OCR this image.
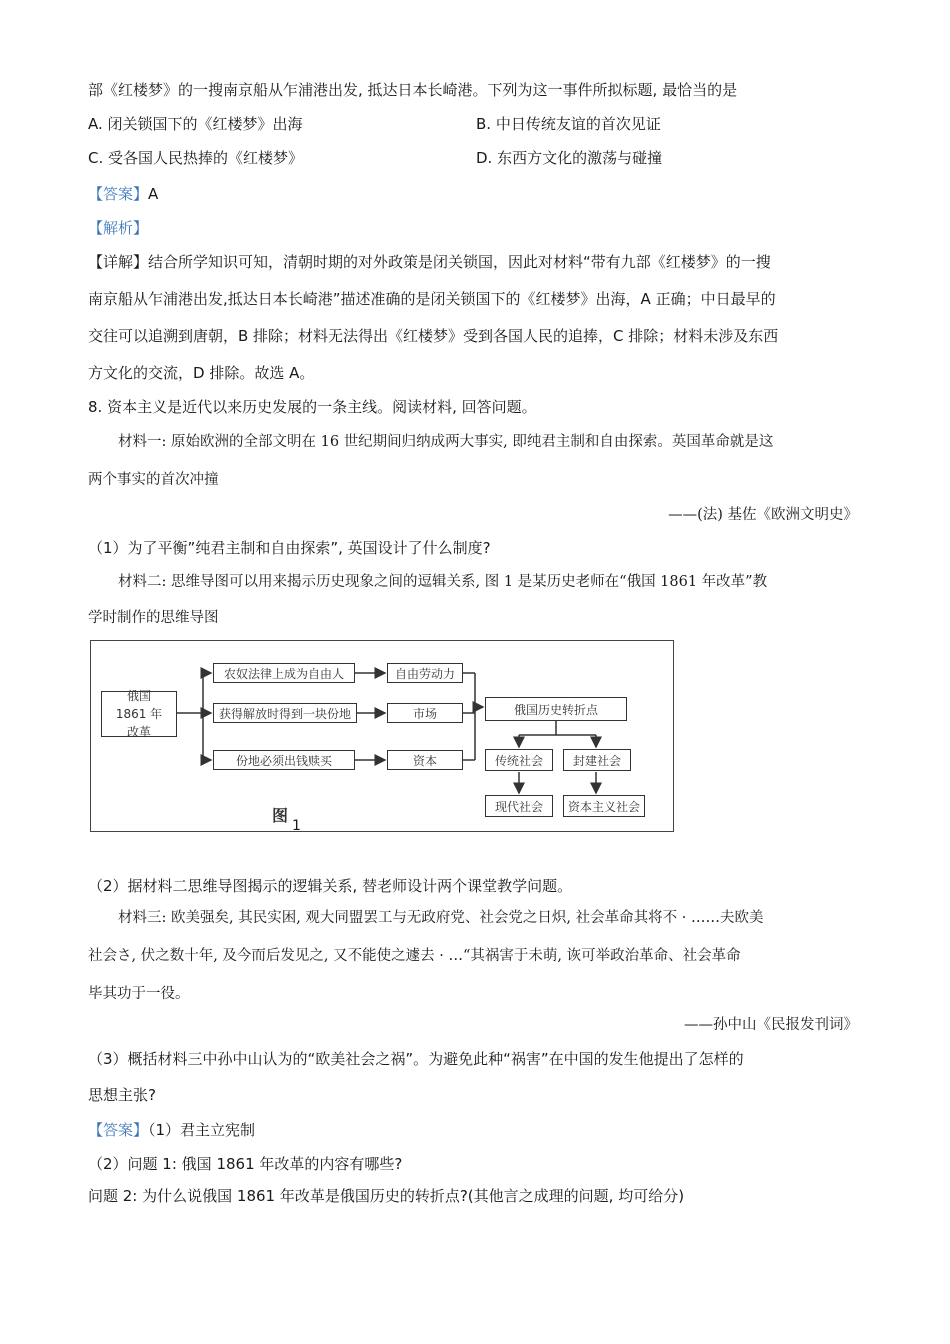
部《红楼梦》的一搜南京船从乍浦港出发, 抵达日本长崎港。下列为这一事件所拟标题, 最恰当的是
A. 闭关锁国下的《红楼梦》出海	B. 中日传统友谊的首次见证
C. 受各国人民热捧的《红楼梦》	D. 东西方文化的激荡与碰撞
【答案】A
【解析】
【详解】结合所学知识可知，清朝时期的对外政策是闭关锁国，因此对材料“带有九部《红楼梦》的一搜
南京船从乍浦港出发,抵达日本长崎港”描述准确的是闭关锁国下的《红楼梦》出海，A 正确；中日最早的
交往可以追溯到唐朝，B 排除；材料无法得出《红楼梦》受到各国人民的追捧，C 排除；材料未涉及东西
方文化的交流，D 排除。故选 A。
8. 资本主义是近代以来历史发展的一条主线。阅读材料, 回答问题。
材料一: 原始欧洲的全部文明在 16 世纪期间归纳成两大事实, 即纯君主制和自由探索。英国革命就是这
两个事实的首次冲撞
——(法) 基佐《欧洲文明史》
（1）为了平衡”纯君主制和自由探索”, 英国设计了什么制度?
材料二: 思维导图可以用来揭示历史现象之间的逗辑关系, 图 1 是某历史老师在“俄国 1861 年改革”教
学时制作的思维导图
俄国 1861 年改革
农奴法律上成为自由人
获得解放时得到一块份地
份地必须出钱赎买
自由劳动力
市场
资本
俄国历史转折点
传统社会	封建社会
现代社会	资本主义社会
图
1
（2）据材料二思维导图揭示的逻辑关系, 替老师设计两个课堂教学问题。
材料三: 欧美强矣, 其民实困, 观大同盟罢工与无政府党、社会党之日炽, 社会革命其将不 · ……夫欧美
社会さ, 伏之数十年, 及今而后发见之, 又不能使之遽去 · …“其祸害于未萌, 诙可举政治革命、社会革命
毕其功于一役。
——孙中山《民报发刊词》
（3）概括材料三中孙中山认为的“欧美社会之祸”。为避免此种“祸害”在中国的发生他提出了怎样的
思想主张?
【答案】（1）君主立宪制
（2）问题 1: 俄国 1861 年改革的内容有哪些?
问题 2: 为什么说俄国 1861 年改革是俄国历史的转折点?(其他言之成理的问题, 均可给分)
